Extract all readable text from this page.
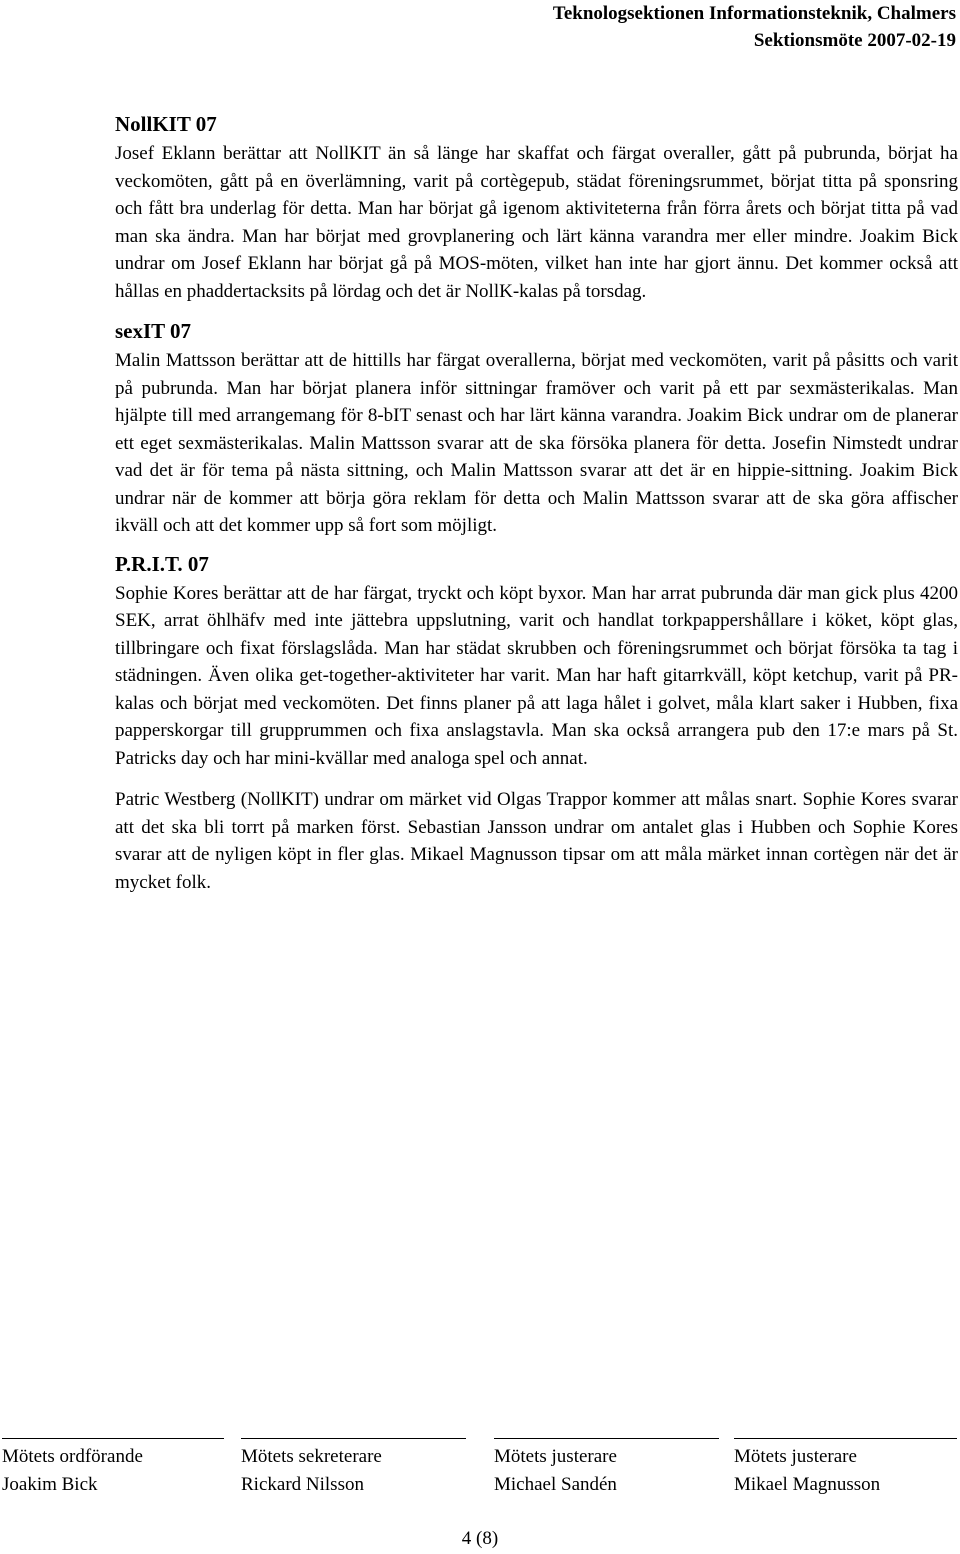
Teknologsektionen Informationsteknik, Chalmers
Sektionsmöte 2007-02-19
NollKIT 07

Josef Eklann berättar att NollKIT än så länge har skaffat och färgat overaller, gått på pubrunda, börjat ha veckomöten, gått på en överlämning, varit på cortègepub, städat föreningsrummet, börjat titta på sponsring och fått bra underlag för detta. Man har börjat gå igenom aktiviteterna från förra årets och börjat titta på vad man ska ändra. Man har börjat med grovplanering och lärt känna varandra mer eller mindre. Joakim Bick undrar om Josef Eklann har börjat gå på MOS-möten, vilket han inte har gjort ännu. Det kommer också att hållas en phaddertacksits på lördag och det är NollK-kalas på torsdag.

sexIT 07

Malin Mattsson berättar att de hittills har färgat overallerna, börjat med veckomöten, varit på påsitts och varit på pubrunda. Man har börjat planera inför sittningar framöver och varit på ett par sexmästerikalas. Man hjälpte till med arrangemang för 8-bIT senast och har lärt känna varandra. Joakim Bick undrar om de planerar ett eget sexmästerikalas. Malin Mattsson svarar att de ska försöka planera för detta. Josefin Nimstedt undrar vad det är för tema på nästa sittning, och Malin Mattsson svarar att det är en hippie-sittning. Joakim Bick undrar när de kommer att börja göra reklam för detta och Malin Mattsson svarar att de ska göra affischer ikväll och att det kommer upp så fort som möjligt.

P.R.I.T. 07

Sophie Kores berättar att de har färgat, tryckt och köpt byxor. Man har arrat pubrunda där man gick plus 4200 SEK, arrat öhlhäfv med inte jättebra uppslutning, varit och handlat torkpappershållare i köket, köpt glas, tillbringare och fixat förslagslåda. Man har städat skrubben och föreningsrummet och börjat försöka ta tag i städningen. Även olika get-together-aktiviteter har varit. Man har haft gitarrkväll, köpt ketchup, varit på PR-kalas och börjat med veckomöten. Det finns planer på att laga hålet i golvet, måla klart saker i Hubben, fixa papperskorgar till grupprummen och fixa anslagstavla. Man ska också arrangera pub den 17:e mars på St. Patricks day och har mini-kvällar med analoga spel och annat.

Patric Westberg (NollKIT) undrar om märket vid Olgas Trappor kommer att målas snart. Sophie Kores svarar att det ska bli torrt på marken först. Sebastian Jansson undrar om antalet glas i Hubben och Sophie Kores svarar att de nyligen köpt in fler glas. Mikael Magnusson tipsar om att måla märket innan cortègen när det är mycket folk.

Mötets ordförande
Joakim Bick
Mötets sekreterare
Rickard Nilsson
Mötets justerare
Michael Sandén
Mötets justerare
Mikael Magnusson
4 (8)
